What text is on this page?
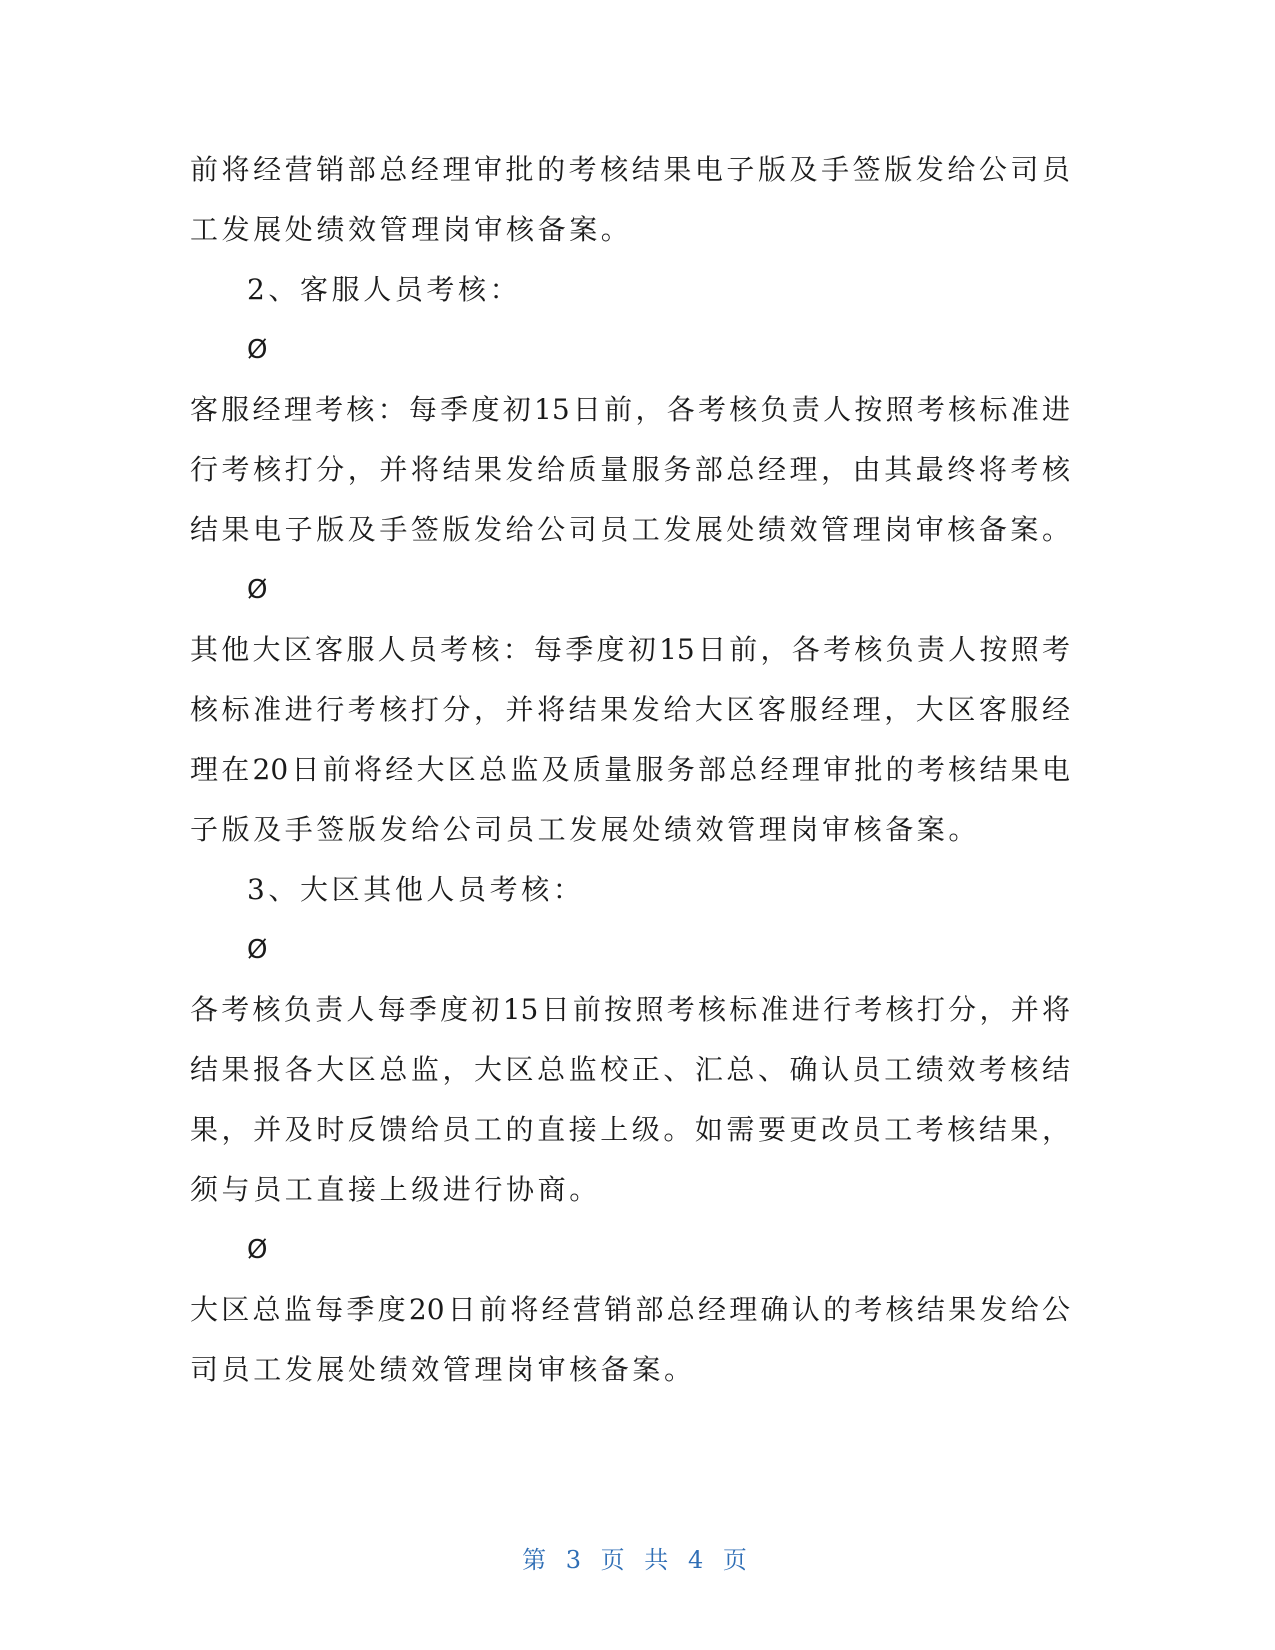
前将经营销部总经理审批的考核结果电子版及手签版发给公司员
工发展处绩效管理岗审核备案。
2、客服人员考核：
Ø
客服经理考核：每季度初15日前，各考核负责人按照考核标准进
行考核打分，并将结果发给质量服务部总经理，由其最终将考核
结果电子版及手签版发给公司员工发展处绩效管理岗审核备案。
Ø
其他大区客服人员考核：每季度初15日前，各考核负责人按照考
核标准进行考核打分，并将结果发给大区客服经理，大区客服经
理在20日前将经大区总监及质量服务部总经理审批的考核结果电
子版及手签版发给公司员工发展处绩效管理岗审核备案。
3、大区其他人员考核：
Ø
各考核负责人每季度初15日前按照考核标准进行考核打分，并将
结果报各大区总监，大区总监校正、汇总、确认员工绩效考核结
果，并及时反馈给员工的直接上级。如需要更改员工考核结果，
须与员工直接上级进行协商。
Ø
大区总监每季度20日前将经营销部总经理确认的考核结果发给公
司员工发展处绩效管理岗审核备案。
第 3 页 共 4 页
